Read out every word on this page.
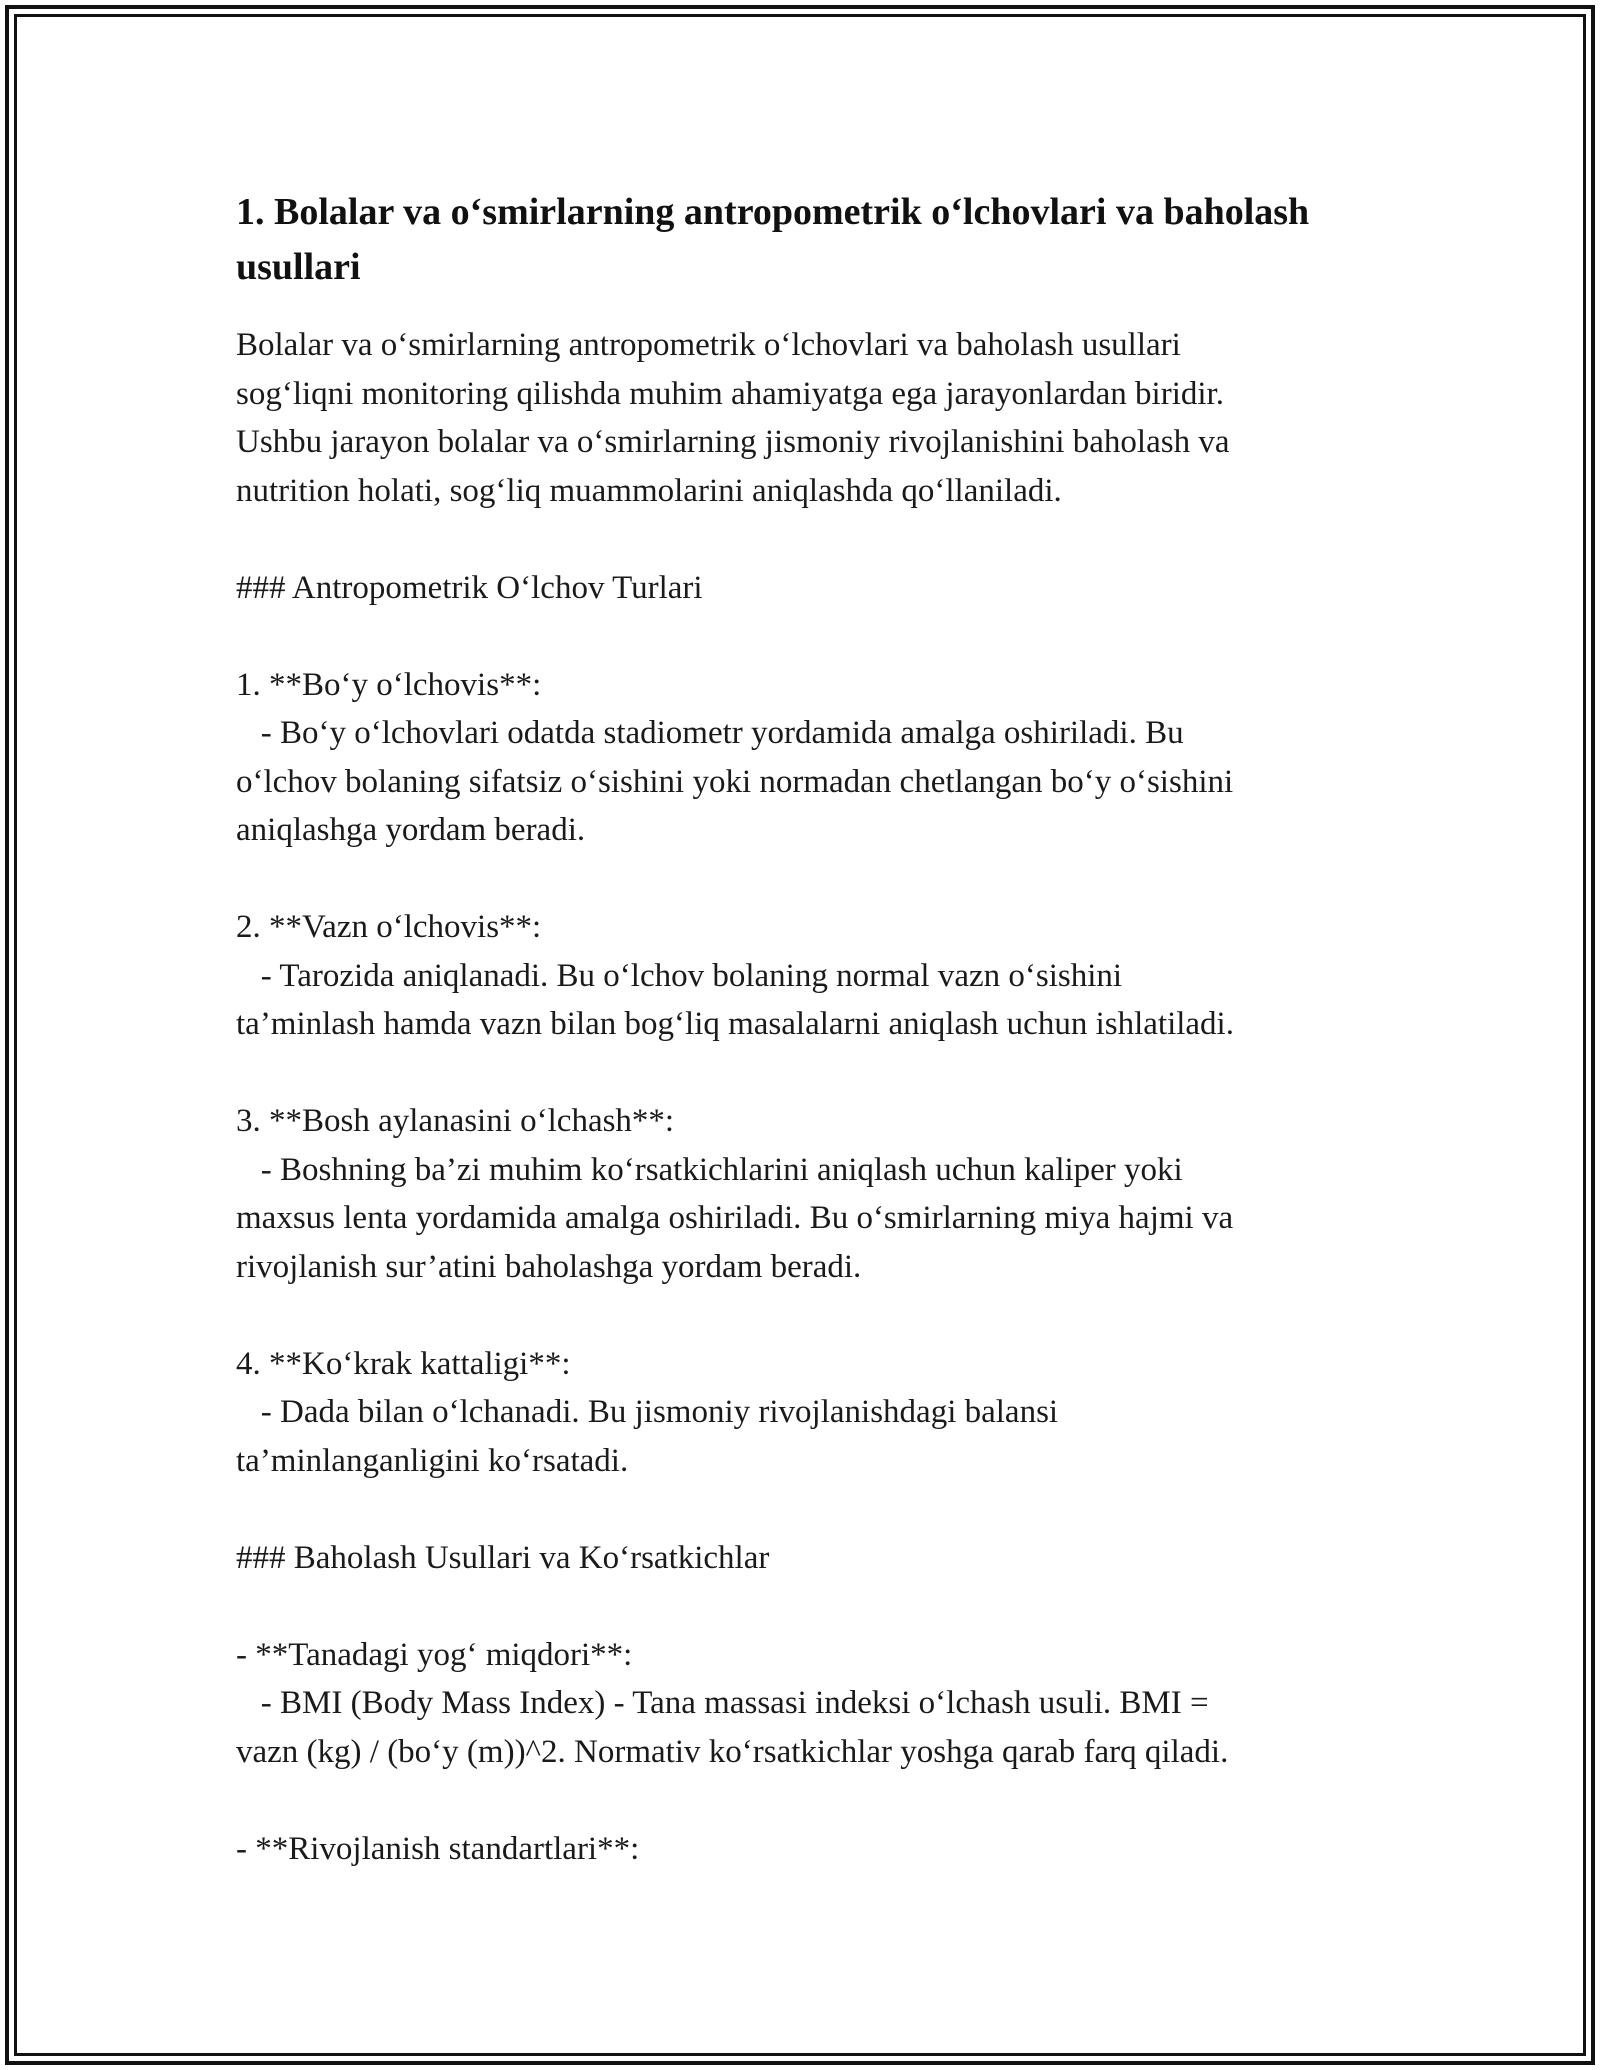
1. Bolalar va o‘smirlarning antropometrik o‘lchovlari va baholash usullari

Bolalar va o‘smirlarning antropometrik o‘lchovlari va baholash usullari
sog‘liqni monitoring qilishda muhim ahamiyatga ega jarayonlardan biridir.
Ushbu jarayon bolalar va o‘smirlarning jismoniy rivojlanishini baholash va
nutrition holati, sog‘liq muammolarini aniqlashda qo‘llaniladi.

### Antropometrik O‘lchov Turlari

1. **Bo‘y o‘lchovis**:
- Bo‘y o‘lchovlari odatda stadiometr yordamida amalga oshiriladi. Bu
o‘lchov bolaning sifatsiz o‘sishini yoki normadan chetlangan bo‘y o‘sishini
aniqlashga yordam beradi.

2. **Vazn o‘lchovis**:
- Tarozida aniqlanadi. Bu o‘lchov bolaning normal vazn o‘sishini
ta’minlash hamda vazn bilan bog‘liq masalalarni aniqlash uchun ishlatiladi.

3. **Bosh aylanasini o‘lchash**:
- Boshning ba’zi muhim ko‘rsatkichlarini aniqlash uchun kaliper yoki
maxsus lenta yordamida amalga oshiriladi. Bu o‘smirlarning miya hajmi va
rivojlanish sur’atini baholashga yordam beradi.

4. **Ko‘krak kattaligi**:
- Dada bilan o‘lchanadi. Bu jismoniy rivojlanishdagi balansi
ta’minlanganligini ko‘rsatadi.

### Baholash Usullari va Ko‘rsatkichlar

- **Tanadagi yog‘ miqdori**:
- BMI (Body Mass Index) - Tana massasi indeksi o‘lchash usuli. BMI =
vazn (kg) / (bo‘y (m))^2. Normativ ko‘rsatkichlar yoshga qarab farq qiladi.

- **Rivojlanish standartlari**:
